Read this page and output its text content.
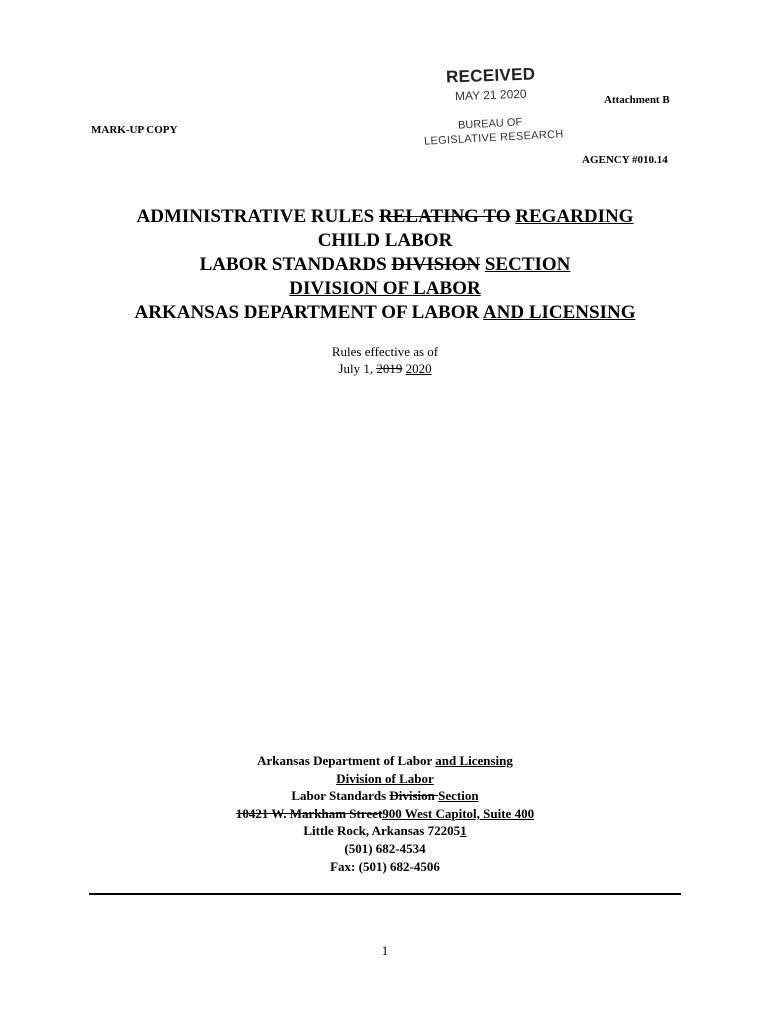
RECEIVED
MAY 21 2020
BUREAU OF
LEGISLATIVE RESEARCH
Attachment B
MARK-UP COPY
AGENCY #010.14
ADMINISTRATIVE RULES RELATING TO REGARDING
CHILD LABOR
LABOR STANDARDS DIVISION SECTION
DIVISION OF LABOR
ARKANSAS DEPARTMENT OF LABOR AND LICENSING
Rules effective as of
July 1, 2019 2020
Arkansas Department of Labor and Licensing
Division of Labor
Labor Standards Division Section
10421 W. Markham Street900 West Capitol, Suite 400
Little Rock, Arkansas 722051
(501) 682-4534
Fax: (501) 682-4506
1
